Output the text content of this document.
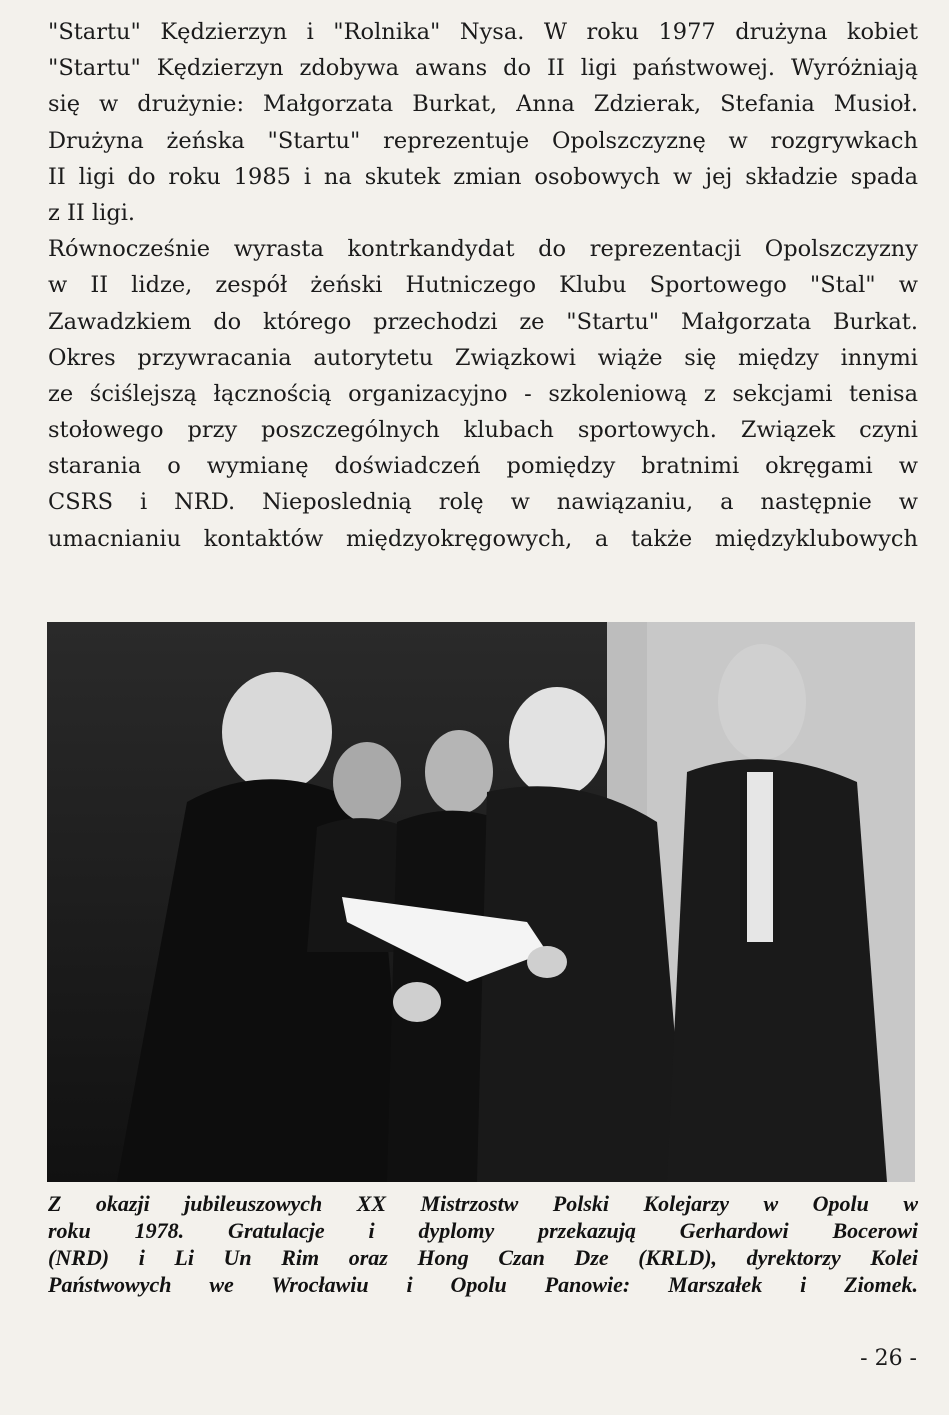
"Startu" Kędzierzyn i "Rolnika" Nysa. W roku 1977 drużyna kobiet
"Startu" Kędzierzyn zdobywa awans do II ligi państwowej. Wyróżniają
się w drużynie: Małgorzata Burkat, Anna Zdzierak, Stefania Musioł.
Drużyna żeńska "Startu" reprezentuje Opolszczyznę w rozgrywkach
II ligi do roku 1985 i na skutek zmian osobowych w jej składzie spada
z II ligi.
Równocześnie wyrasta kontrkandydat do reprezentacji Opolszczyzny
w II lidze, zespół żeński Hutniczego Klubu Sportowego "Stal" w
Zawadzkiem do którego przechodzi ze "Startu" Małgorzata Burkat.
Okres przywracania autorytetu Związkowi wiąże się między innymi
ze ściślejszą łącznością organizacyjno - szkoleniową z sekcjami tenisa
stołowego przy poszczególnych klubach sportowych. Związek czyni
starania o wymianę doświadczeń pomiędzy bratnimi okręgami w
CSRS i NRD. Nieposlednią rolę w nawiązaniu, a następnie w
umacnianiu kontaktów międzyokręgowych, a także międzyklubowych
Z okazji jubileuszowych XX Mistrzostw Polski Kolejarzy w Opolu w
roku 1978. Gratulacje i dyplomy przekazują Gerhardowi Bocerowi
(NRD) i Li Un Rim oraz Hong Czan Dze (KRLD), dyrektorzy Kolei
Państwowych we Wrocławiu i Opolu Panowie: Marszałek i Ziomek.
- 26 -
